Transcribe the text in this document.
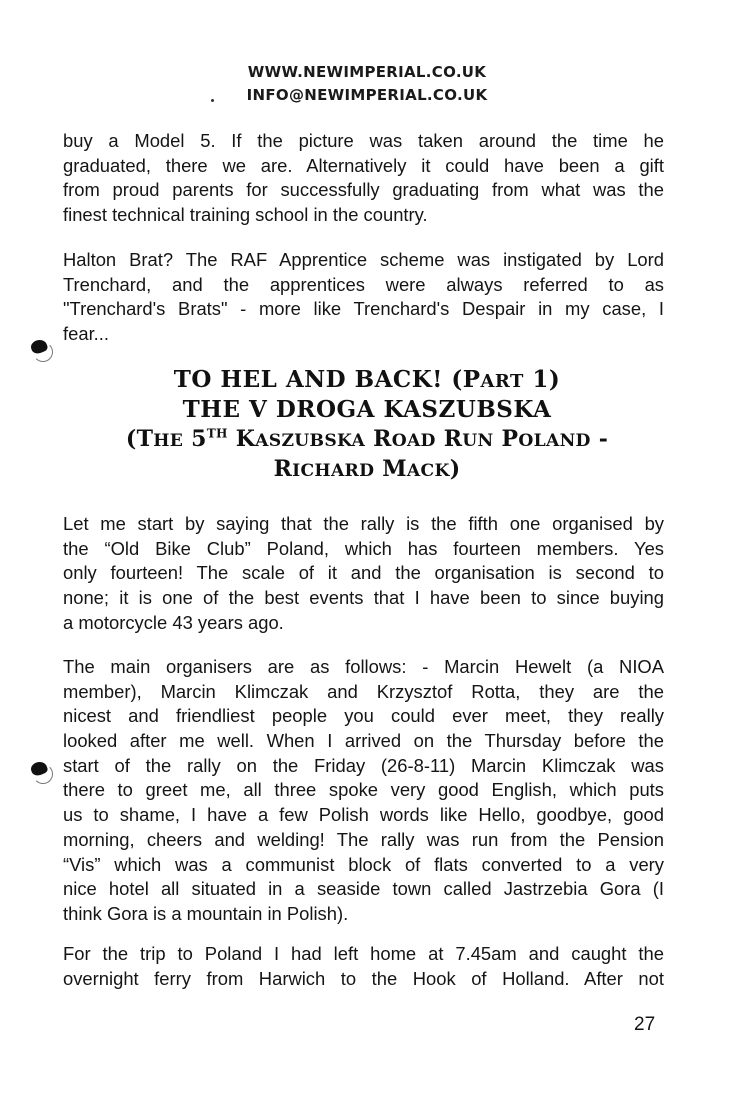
WWW.NEWIMPERIAL.CO.UK
INFO@NEWIMPERIAL.CO.UK
buy a Model 5. If the picture was taken around the time he
graduated, there we are. Alternatively it could have been a gift
from proud parents for successfully graduating from what was the
finest technical training school in the country.
Halton Brat? The RAF Apprentice scheme was instigated by Lord
Trenchard, and the apprentices were always referred to as
"Trenchard's Brats" - more like Trenchard's Despair in my case, I
fear...
TO HEL AND BACK! (PART 1)
THE V DROGA KASZUBSKA
(THE 5TH KASZUBSKA ROAD RUN POLAND -
RICHARD MACK)
Let me start by saying that the rally is the fifth one organised by
the “Old Bike Club” Poland, which has fourteen members. Yes
only fourteen! The scale of it and the organisation is second to
none; it is one of the best events that I have been to since buying
a motorcycle 43 years ago.
The main organisers are as follows: - Marcin Hewelt (a NIOA
member), Marcin Klimczak and Krzysztof Rotta, they are the
nicest and friendliest people you could ever meet, they really
looked after me well. When I arrived on the Thursday before the
start of the rally on the Friday (26-8-11) Marcin Klimczak was
there to greet me, all three spoke very good English, which puts
us to shame, I have a few Polish words like Hello, goodbye, good
morning, cheers and welding! The rally was run from the Pension
“Vis” which was a communist block of flats converted to a very
nice hotel all situated in a seaside town called Jastrzebia Gora (I
think Gora is a mountain in Polish).
For the trip to Poland I had left home at 7.45am and caught the
overnight ferry from Harwich to the Hook of Holland. After not
27
